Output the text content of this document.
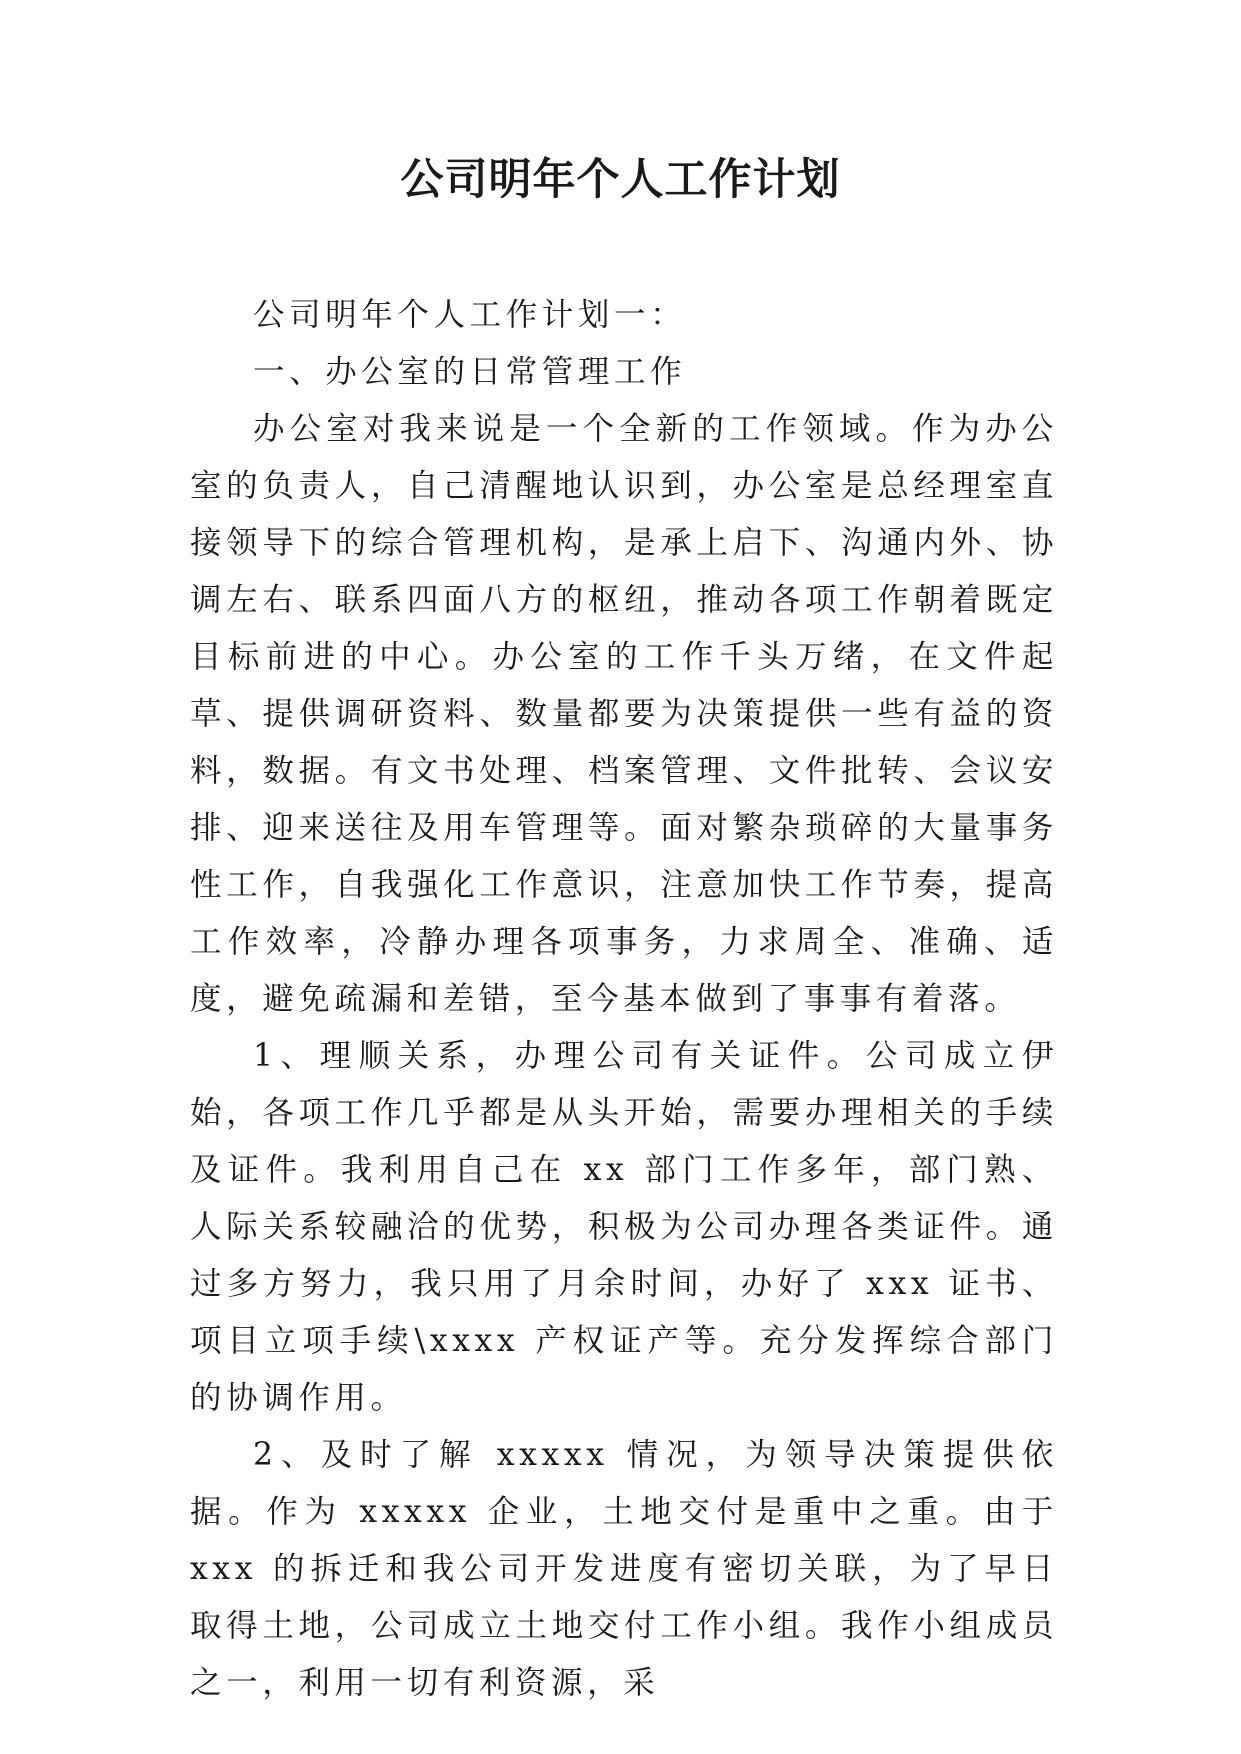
公司明年个人工作计划

公司明年个人工作计划一：

一、办公室的日常管理工作

办公室对我来说是一个全新的工作领域。作为办公室的负责人，自己清醒地认识到，办公室是总经理室直接领导下的综合管理机构，是承上启下、沟通内外、协调左右、联系四面八方的枢纽，推动各项工作朝着既定目标前进的中心。办公室的工作千头万绪，在文件起草、提供调研资料、数量都要为决策提供一些有益的资料，数据。有文书处理、档案管理、文件批转、会议安排、迎来送往及用车管理等。面对繁杂琐碎的大量事务性工作，自我强化工作意识，注意加快工作节奏，提高工作效率，冷静办理各项事务，力求周全、准确、适度，避免疏漏和差错，至今基本做到了事事有着落。

1、理顺关系，办理公司有关证件。公司成立伊始，各项工作几乎都是从头开始，需要办理相关的手续及证件。我利用自己在 xx 部门工作多年，部门熟、人际关系较融洽的优势，积极为公司办理各类证件。通过多方努力，我只用了月余时间，办好了 xxx 证书、项目立项手续\xxxx 产权证产等。充分发挥综合部门的协调作用。

2、及时了解 xxxxx 情况，为领导决策提供依据。作为 xxxxx 企业，土地交付是重中之重。由于 xxx 的拆迁和我公司开发进度有密切关联，为了早日取得土地，公司成立土地交付工作小组。我作小组成员之一，利用一切有利资源，采
